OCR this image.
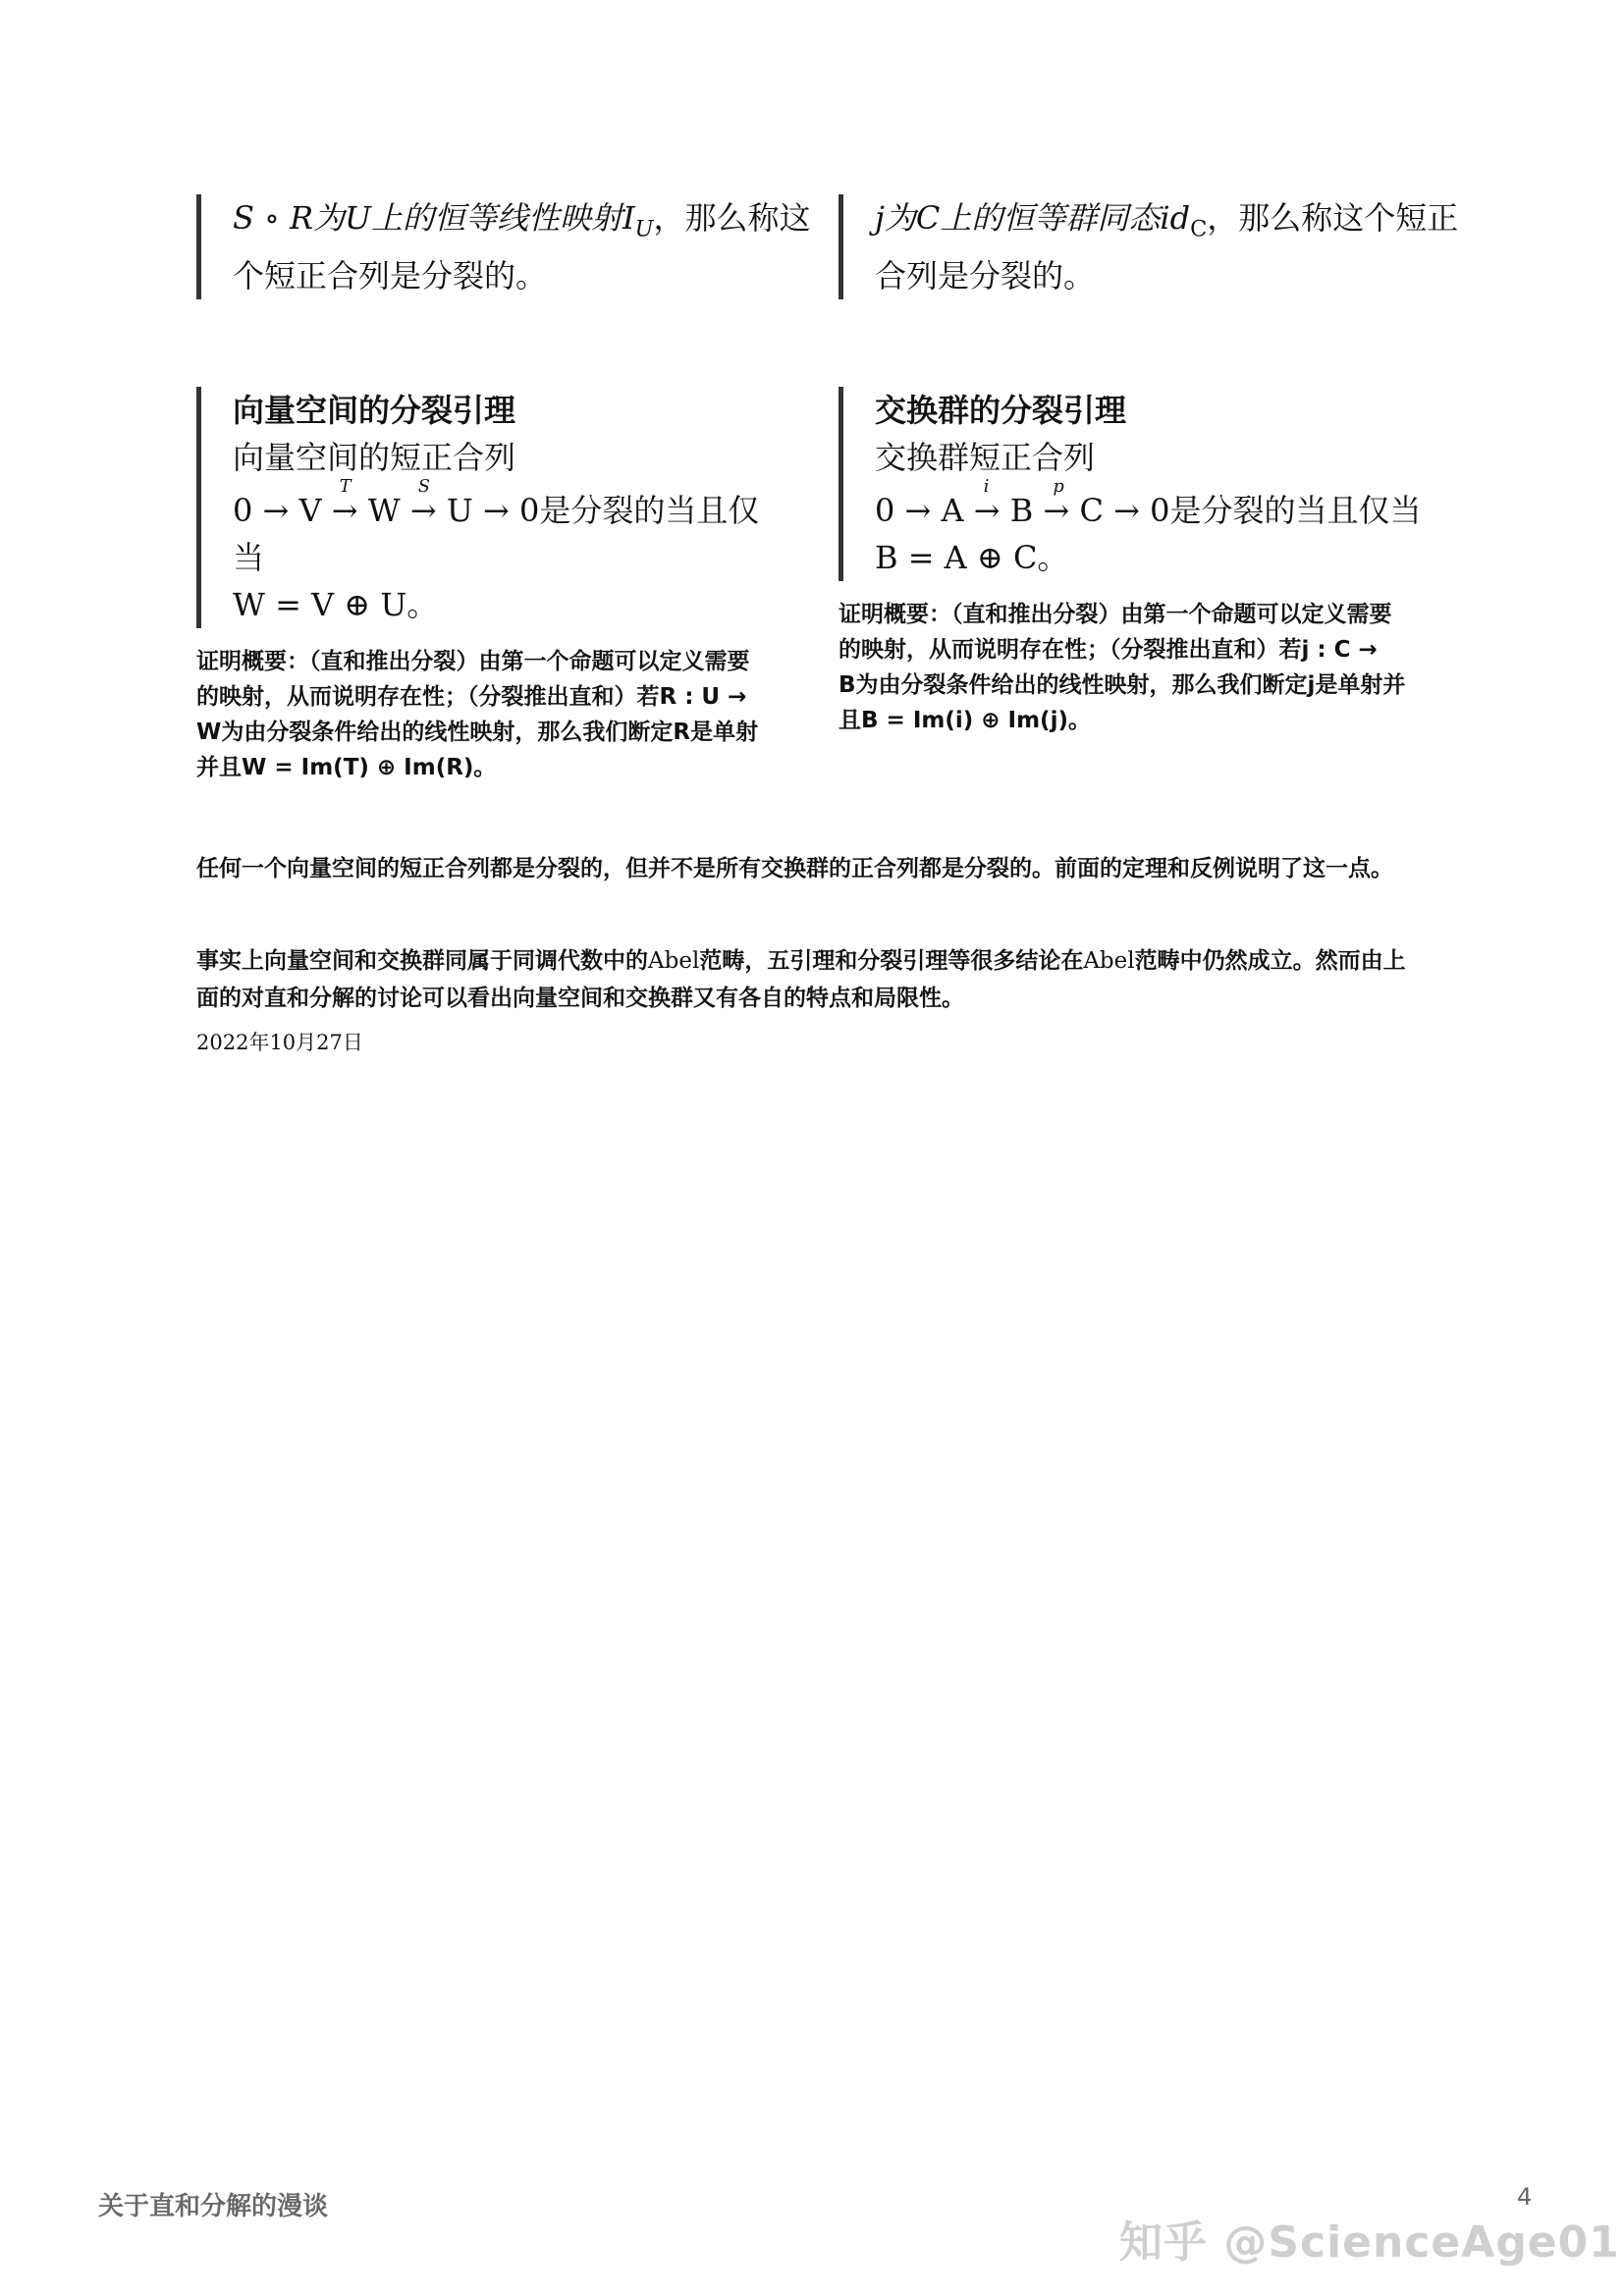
S ∘ R为U上的恒等线性映射$I_U$，那么称这
个短正合列是分裂的。
j为C上的恒等群同态$id_C$，那么称这个短正
合列是分裂的。
向量空间的分裂引理
向量空间的短正合列
0 → V
T
→ W
S
→ U → 0是分裂的当且仅
当
W = V ⊕ U。
交换群的分裂引理
交换群短正合列
0 → A
i
→ B
p
→ C → 0是分裂的当且仅当
B = A ⊕ C。
证明概要：（直和推出分裂）由第一个命题可以定义需要
的映射，从而说明存在性；（分裂推出直和）若R : U →
W为由分裂条件给出的线性映射，那么我们断定R是单射
并且W = Im(T) ⊕ Im(R)。
证明概要：（直和推出分裂）由第一个命题可以定义需要
的映射，从而说明存在性；（分裂推出直和）若j : C →
B为由分裂条件给出的线性映射，那么我们断定j是单射并
且B = Im(i) ⊕ Im(j)。
任何一个向量空间的短正合列都是分裂的，但并不是所有交换群的正合列都是分裂的。前面的定理和反例说明了这一点。
事实上向量空间和交换群同属于同调代数中的Abel范畴，五引理和分裂引理等很多结论在Abel范畴中仍然成立。然而由上
面的对直和分解的讨论可以看出向量空间和交换群又有各自的特点和局限性。
2022年10月27日
关于直和分解的漫谈	4
知乎 @ScienceAge01
